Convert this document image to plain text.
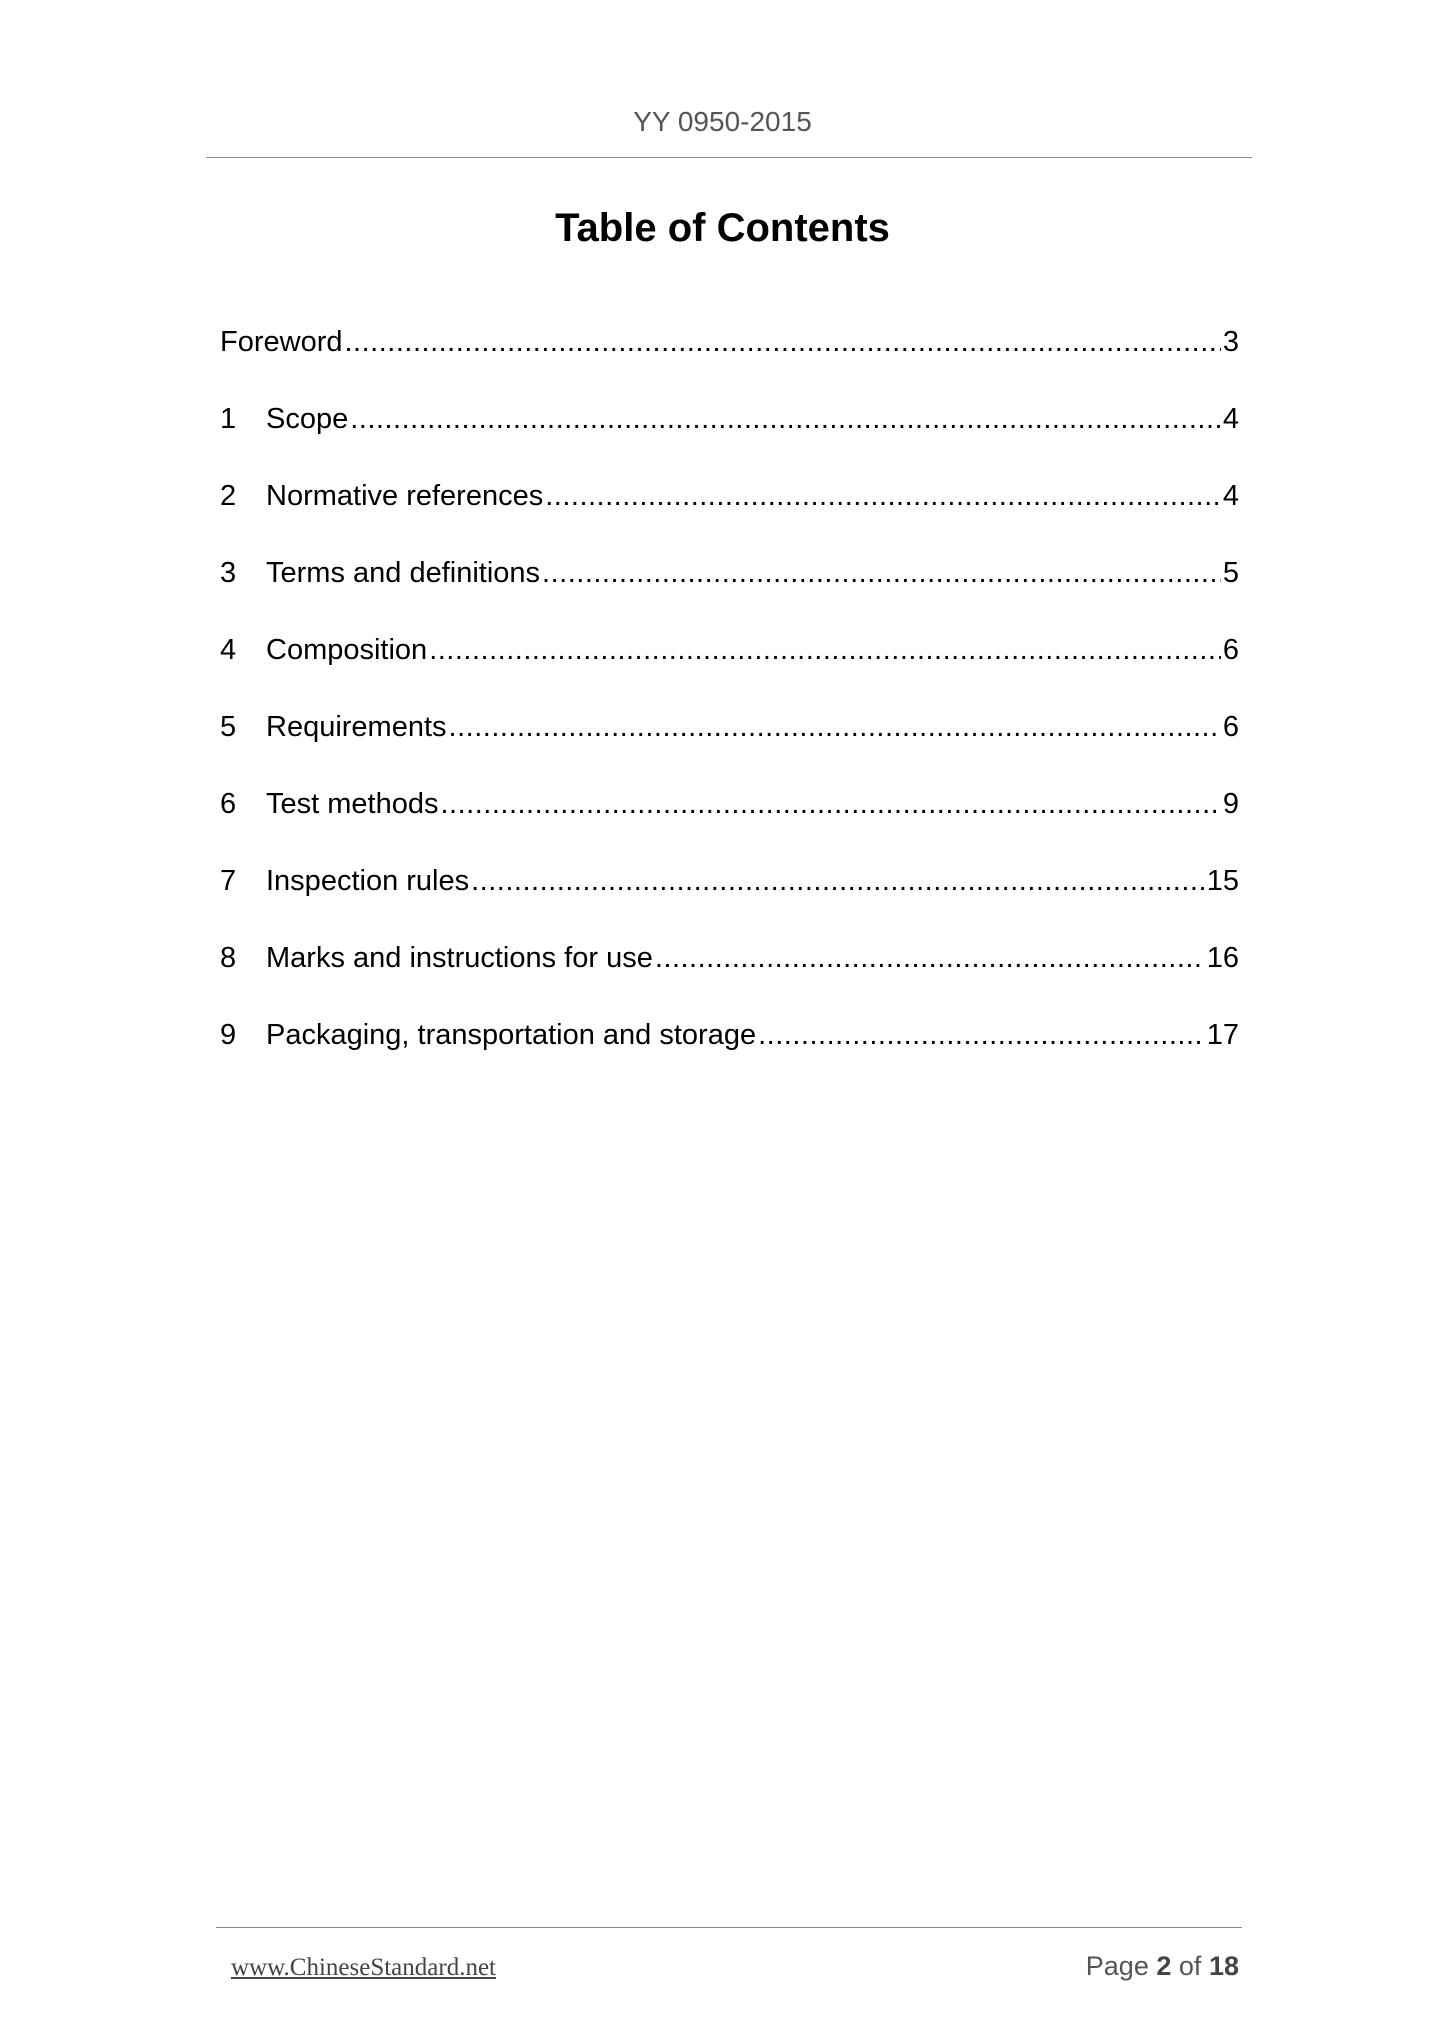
YY 0950-2015
Table of Contents
Foreword .....	3
1	Scope .....	4
2	Normative references .....	4
3	Terms and definitions .....	5
4	Composition .....	6
5	Requirements .....	6
6	Test methods .....	9
7	Inspection rules .....	15
8	Marks and instructions for use .....	16
9	Packaging, transportation and storage .....	17
www.ChineseStandard.net	Page 2 of 18
